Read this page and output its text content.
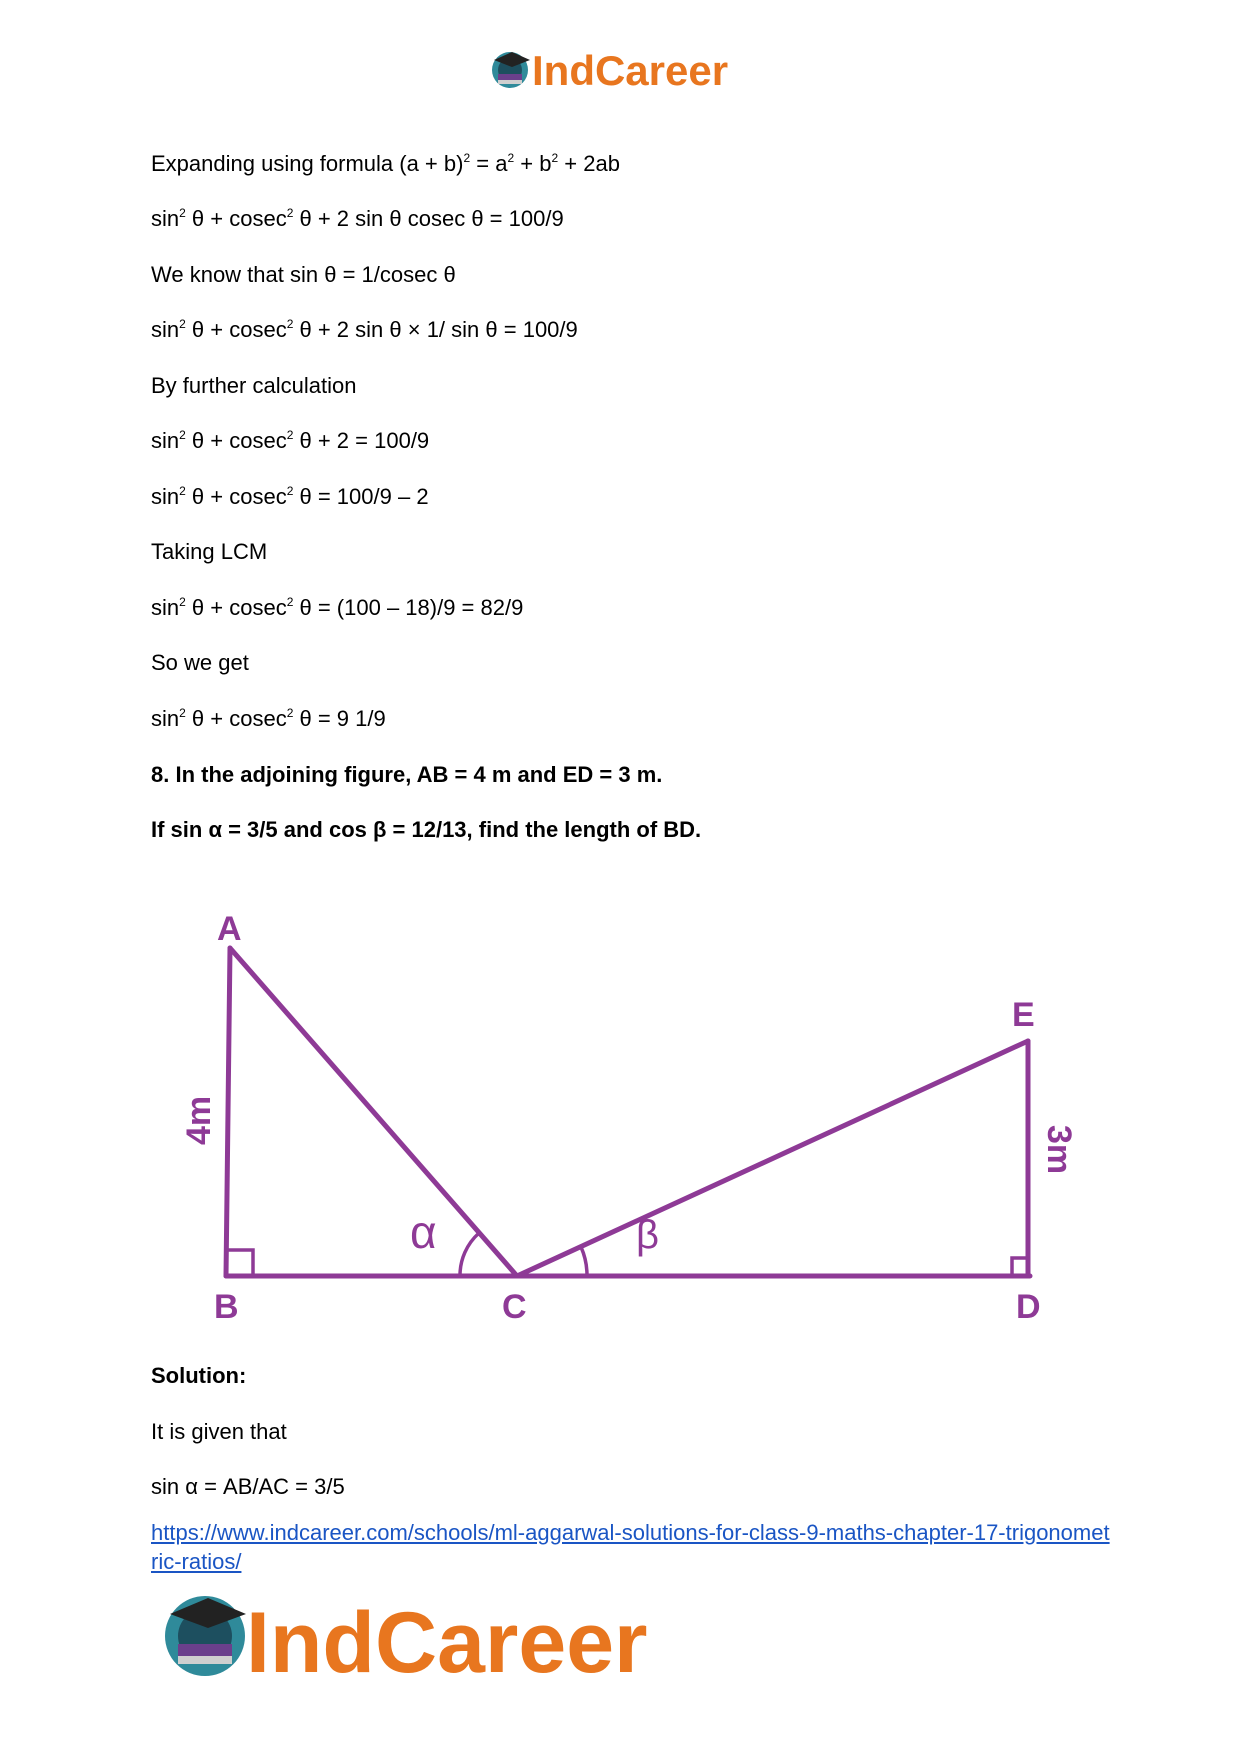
IndCareer
Expanding using formula $(a + b)^2 = a^2 + b^2 + 2ab$
$\sin^2 \theta + cosec^2$ θ + 2 sin θ cosec θ = 100/9
We know that sin θ = 1/cosec θ
$\sin^2 \theta + cosec^2$ θ + 2 sin θ × 1/ sin θ = 100/9
By further calculation
$\sin^2 \theta + cosec^2$ θ + 2 = 100/9
$\sin^2 \theta + cosec^2$ θ = 100/9 – 2
Taking LCM
$\sin^2 \theta + cosec^2$ θ = (100 – 18)/9 = 82/9
So we get
$\sin^2 \theta + cosec^2$ θ = 9 1/9
8. In the adjoining figure, AB = 4 m and ED = 3 m.
If sin α = 3/5 and cos β = 12/13, find the length of BD.
A
B	C	D
E
α	β
4m
3m
Solution:
It is given that
sin α = AB/AC = 3/5
https://www.indcareer.com/schools/ml-aggarwal-solutions-for-class-9-maths-chapter-17-trigonometric-ratios/
IndCareer
